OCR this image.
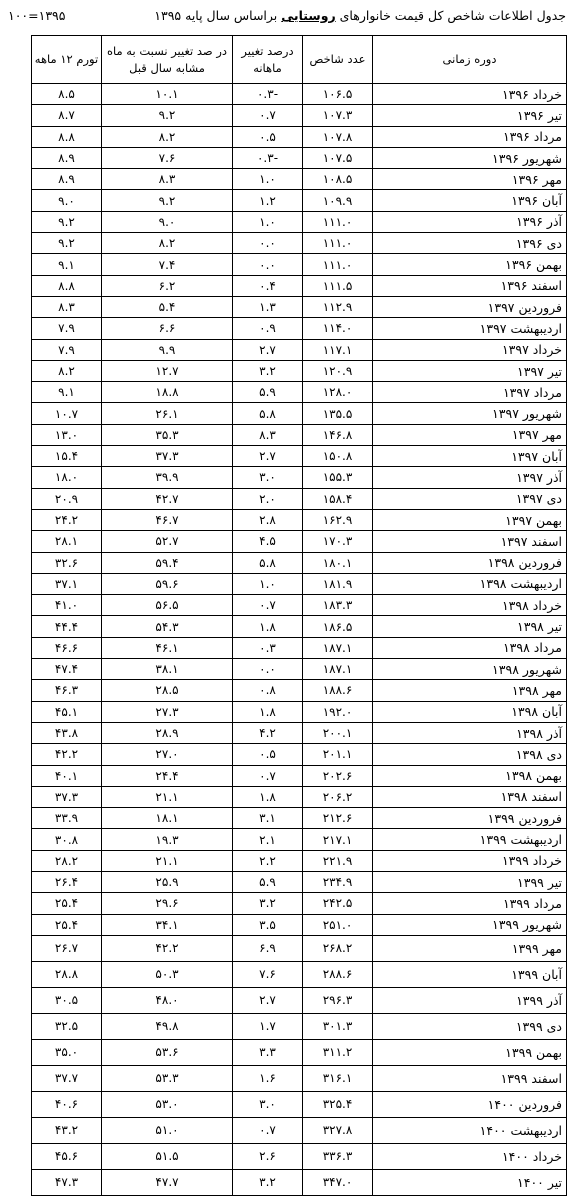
جدول اطلاعات شاخص کل قیمت خانوارهای روستایی براساس سال پایه ۱۳۹۵
۱۰۰=۱۳۹۵
دوره زمانی	عدد شاخص	درصد تغییر ماهانه	در صد تغییر نسبت به ماه مشابه سال قبل	تورم ۱۲ ماهه
خرداد ۱۳۹۶	۱۰۶.۵	-۰.۳	۱۰.۱	۸.۵
تیر ۱۳۹۶	۱۰۷.۳	۰.۷	۹.۲	۸.۷
مرداد ۱۳۹۶	۱۰۷.۸	۰.۵	۸.۲	۸.۸
شهریور ۱۳۹۶	۱۰۷.۵	-۰.۳	۷.۶	۸.۹
مهر ۱۳۹۶	۱۰۸.۵	۱.۰	۸.۳	۸.۹
آبان ۱۳۹۶	۱۰۹.۹	۱.۲	۹.۲	۹.۰
آذر ۱۳۹۶	۱۱۱.۰	۱.۰	۹.۰	۹.۲
دی ۱۳۹۶	۱۱۱.۰	۰.۰	۸.۲	۹.۲
بهمن ۱۳۹۶	۱۱۱.۰	۰.۰	۷.۴	۹.۱
اسفند ۱۳۹۶	۱۱۱.۵	۰.۴	۶.۲	۸.۸
فروردین ۱۳۹۷	۱۱۲.۹	۱.۳	۵.۴	۸.۳
اردیبهشت ۱۳۹۷	۱۱۴.۰	۰.۹	۶.۶	۷.۹
خرداد ۱۳۹۷	۱۱۷.۱	۲.۷	۹.۹	۷.۹
تیر ۱۳۹۷	۱۲۰.۹	۳.۲	۱۲.۷	۸.۲
مرداد ۱۳۹۷	۱۲۸.۰	۵.۹	۱۸.۸	۹.۱
شهریور ۱۳۹۷	۱۳۵.۵	۵.۸	۲۶.۱	۱۰.۷
مهر ۱۳۹۷	۱۴۶.۸	۸.۳	۳۵.۳	۱۳.۰
آبان ۱۳۹۷	۱۵۰.۸	۲.۷	۳۷.۳	۱۵.۴
آذر ۱۳۹۷	۱۵۵.۳	۳.۰	۳۹.۹	۱۸.۰
دی ۱۳۹۷	۱۵۸.۴	۲.۰	۴۲.۷	۲۰.۹
بهمن ۱۳۹۷	۱۶۲.۹	۲.۸	۴۶.۷	۲۴.۲
اسفند ۱۳۹۷	۱۷۰.۳	۴.۵	۵۲.۷	۲۸.۱
فروردین ۱۳۹۸	۱۸۰.۱	۵.۸	۵۹.۴	۳۲.۶
اردیبهشت ۱۳۹۸	۱۸۱.۹	۱.۰	۵۹.۶	۳۷.۱
خرداد ۱۳۹۸	۱۸۳.۳	۰.۷	۵۶.۵	۴۱.۰
تیر ۱۳۹۸	۱۸۶.۵	۱.۸	۵۴.۳	۴۴.۴
مرداد ۱۳۹۸	۱۸۷.۱	۰.۳	۴۶.۱	۴۶.۶
شهریور ۱۳۹۸	۱۸۷.۱	۰.۰	۳۸.۱	۴۷.۴
مهر ۱۳۹۸	۱۸۸.۶	۰.۸	۲۸.۵	۴۶.۳
آبان ۱۳۹۸	۱۹۲.۰	۱.۸	۲۷.۳	۴۵.۱
آذر ۱۳۹۸	۲۰۰.۱	۴.۲	۲۸.۹	۴۳.۸
دی ۱۳۹۸	۲۰۱.۱	۰.۵	۲۷.۰	۴۲.۲
بهمن ۱۳۹۸	۲۰۲.۶	۰.۷	۲۴.۴	۴۰.۱
اسفند ۱۳۹۸	۲۰۶.۲	۱.۸	۲۱.۱	۳۷.۳
فروردین ۱۳۹۹	۲۱۲.۶	۳.۱	۱۸.۱	۳۳.۹
اردیبهشت ۱۳۹۹	۲۱۷.۱	۲.۱	۱۹.۳	۳۰.۸
خرداد ۱۳۹۹	۲۲۱.۹	۲.۲	۲۱.۱	۲۸.۲
تیر ۱۳۹۹	۲۳۴.۹	۵.۹	۲۵.۹	۲۶.۴
مرداد ۱۳۹۹	۲۴۲.۵	۳.۲	۲۹.۶	۲۵.۴
شهریور ۱۳۹۹	۲۵۱.۰	۳.۵	۳۴.۱	۲۵.۴
مهر ۱۳۹۹	۲۶۸.۲	۶.۹	۴۲.۲	۲۶.۷
آبان ۱۳۹۹	۲۸۸.۶	۷.۶	۵۰.۳	۲۸.۸
آذر ۱۳۹۹	۲۹۶.۳	۲.۷	۴۸.۰	۳۰.۵
دی ۱۳۹۹	۳۰۱.۳	۱.۷	۴۹.۸	۳۲.۵
بهمن ۱۳۹۹	۳۱۱.۲	۳.۳	۵۳.۶	۳۵.۰
اسفند ۱۳۹۹	۳۱۶.۱	۱.۶	۵۳.۳	۳۷.۷
فروردین ۱۴۰۰	۳۲۵.۴	۳.۰	۵۳.۰	۴۰.۶
اردیبهشت ۱۴۰۰	۳۲۷.۸	۰.۷	۵۱.۰	۴۳.۲
خرداد ۱۴۰۰	۳۳۶.۳	۲.۶	۵۱.۵	۴۵.۶
تیر ۱۴۰۰	۳۴۷.۰	۳.۲	۴۷.۷	۴۷.۳
